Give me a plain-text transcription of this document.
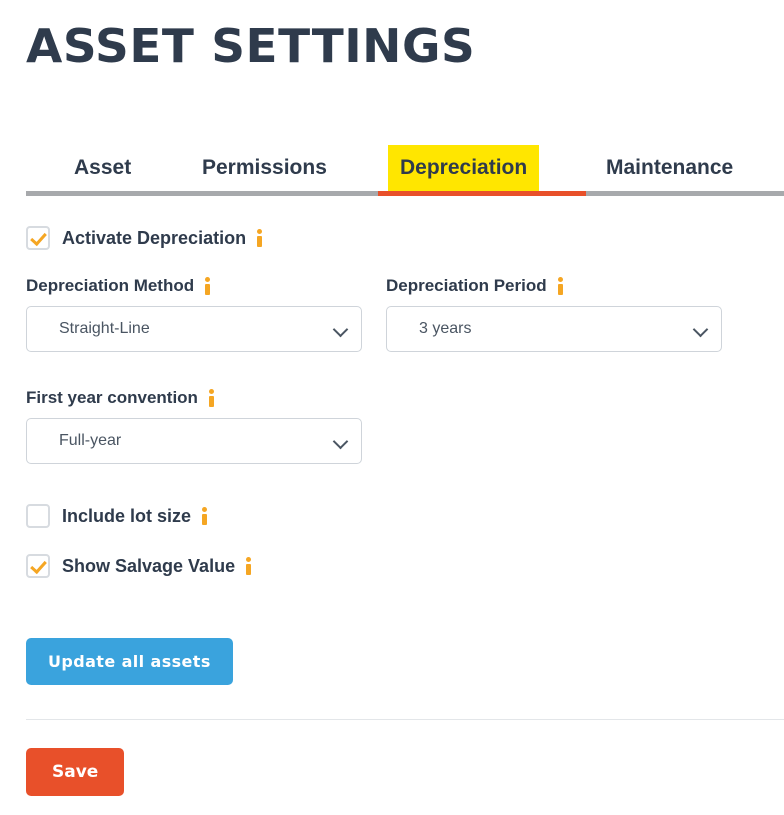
ASSET SETTINGS
Asset	Permissions	Depreciation	Maintenance
Activate Depreciation
Depreciation Method
Straight-Line
Depreciation Period
3 years
First year convention
Full-year
Include lot size
Show Salvage Value
Update all assets
Save
